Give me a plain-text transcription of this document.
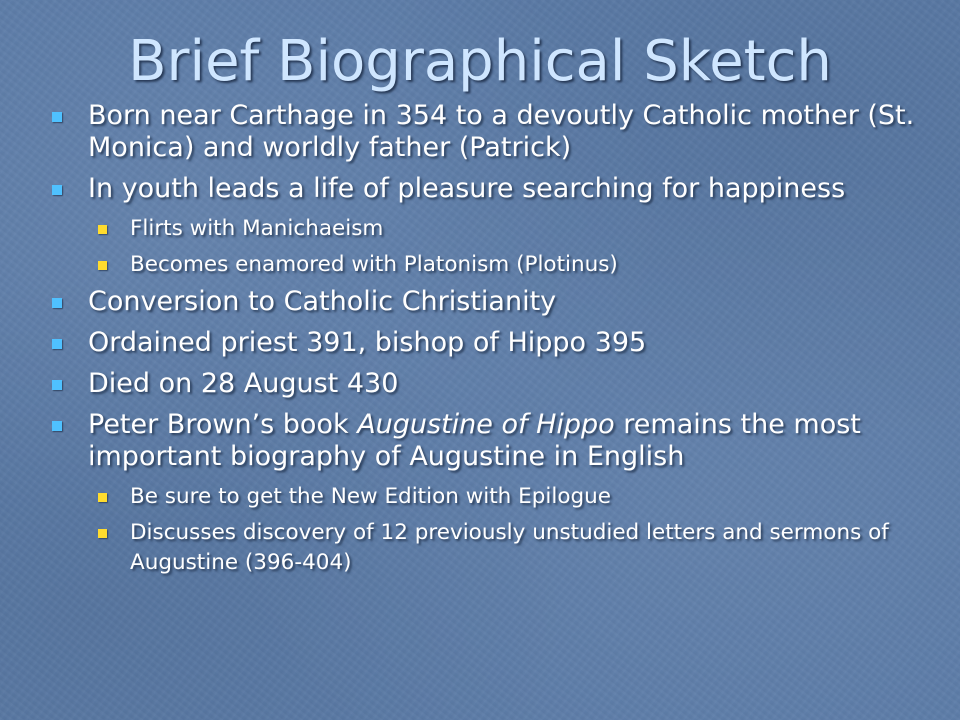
Brief Biographical Sketch
Born near Carthage in 354 to a devoutly Catholic mother (St. Monica) and worldly father (Patrick)
In youth leads a life of pleasure searching for happiness
Flirts with Manichaeism
Becomes enamored with Platonism (Plotinus)
Conversion to Catholic Christianity
Ordained priest 391, bishop of Hippo 395
Died on 28 August 430
Peter Brown’s book Augustine of Hippo remains the most important biography of Augustine in English
Be sure to get the New Edition with Epilogue
Discusses discovery of 12 previously unstudied letters and sermons of Augustine (396-404)
